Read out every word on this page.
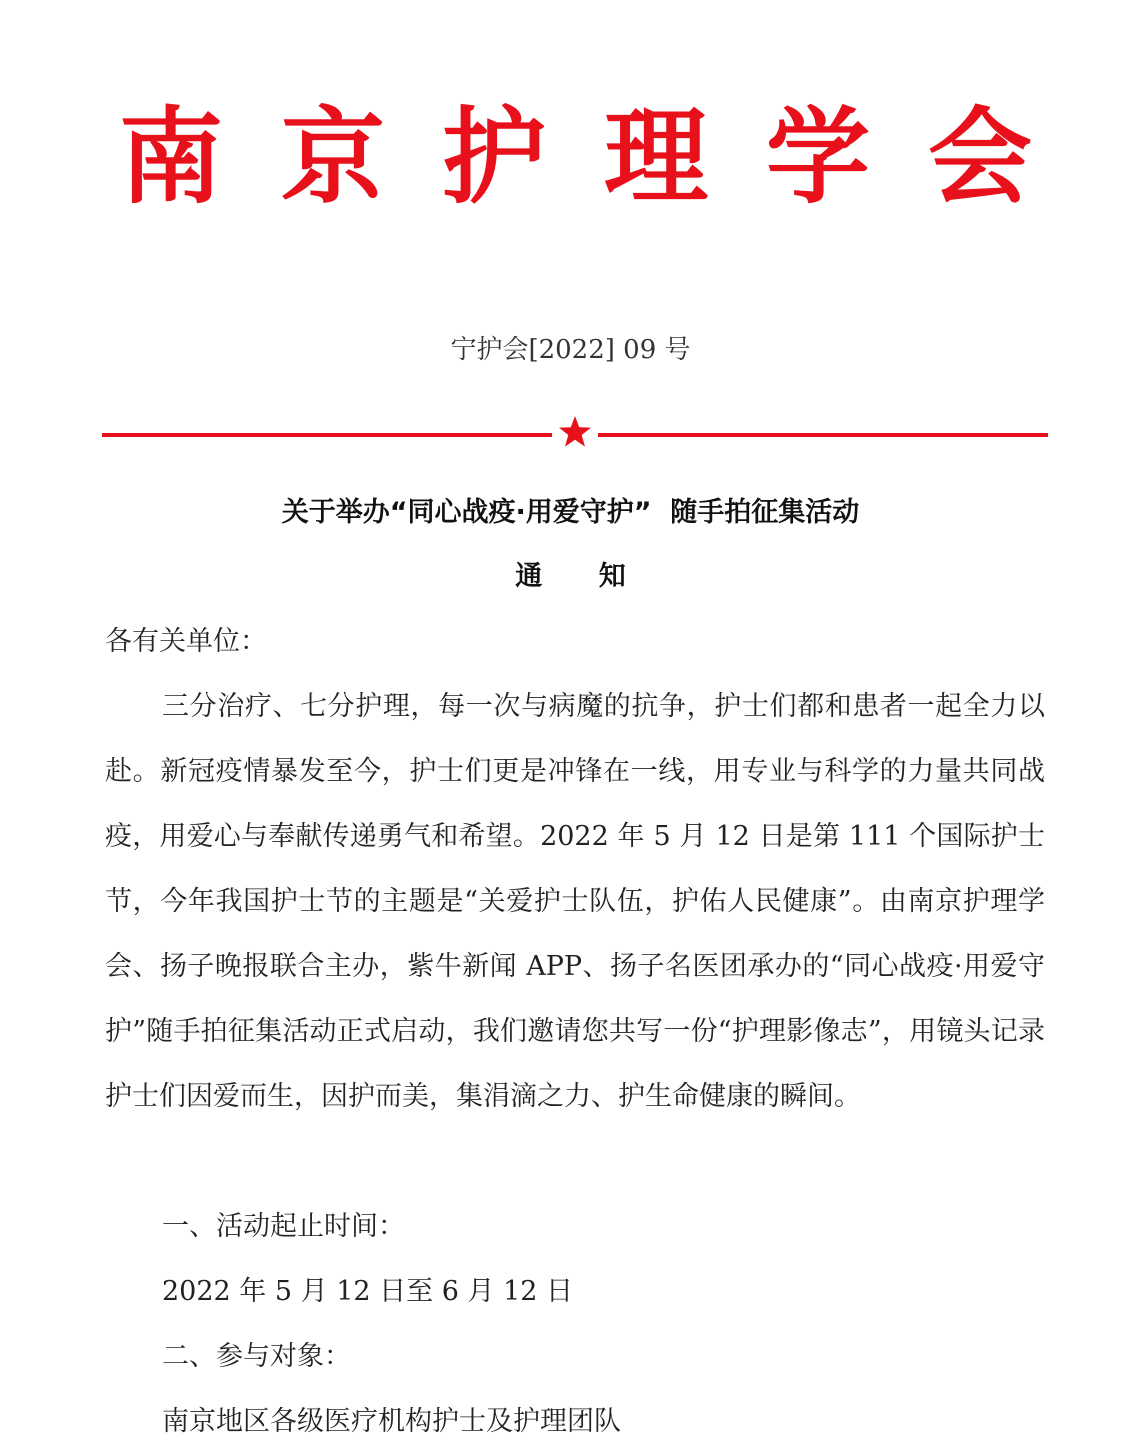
南 京 护 理 学 会
宁护会[2022] 09 号
关于举办“同心战疫·用爱守护”  随手拍征集活动
通      知
各有关单位：
三分治疗、七分护理，每一次与病魔的抗争，护士们都和患者一起全力以赴。新冠疫情暴发至今，护士们更是冲锋在一线，用专业与科学的力量共同战疫，用爱心与奉献传递勇气和希望。2022 年 5 月 12 日是第 111 个国际护士节，今年我国护士节的主题是“关爱护士队伍，护佑人民健康”。由南京护理学会、扬子晚报联合主办，紫牛新闻 APP、扬子名医团承办的“同心战疫·用爱守护”随手拍征集活动正式启动，我们邀请您共写一份“护理影像志”，用镜头记录护士们因爱而生，因护而美，集涓滴之力、护生命健康的瞬间。
一、活动起止时间：
2022 年 5 月 12 日至 6 月 12 日
二、参与对象：
南京地区各级医疗机构护士及护理团队
